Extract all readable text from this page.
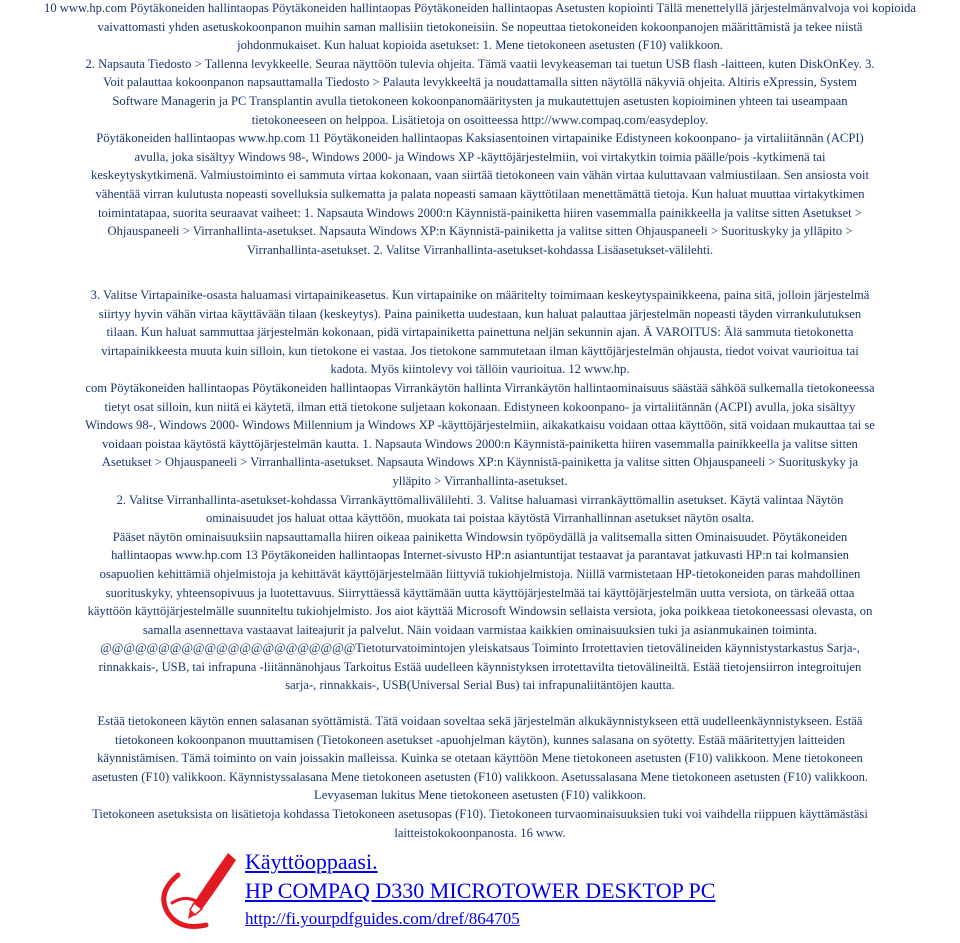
10 www.hp.com Pöytäkoneiden hallintaopas Pöytäkoneiden hallintaopas Pöytäkoneiden hallintaopas Asetusten kopiointi Tällä menettelyllä järjestelmänvalvoja voi kopioida
vaivattomasti yhden asetuskokoonpanon muihin saman mallisiin tietokoneisiin. Se nopeuttaa tietokoneiden kokoonpanojen määrittämistä ja tekee niistä
johdonmukaiset. Kun haluat kopioida asetukset: 1. Mene tietokoneen asetusten (F10) valikkoon.
2. Napsauta Tiedosto > Tallenna levykkeelle. Seuraa näyttöön tulevia ohjeita. Tämä vaatii levykeaseman tai tuetun USB flash -laitteen, kuten DiskOnKey. 3.
Voit palauttaa kokoonpanon napsauttamalla Tiedosto > Palauta levykkeeltä ja noudattamalla sitten näytöllä näkyviä ohjeita. Altiris eXpressin, System
Software Managerin ja PC Transplantin avulla tietokoneen kokoonpanomääritysten ja mukautettujen asetusten kopioiminen yhteen tai useampaan
tietokoneeseen on helppoa. Lisätietoja on osoitteessa http://www.compaq.com/easydeploy.
Pöytäkoneiden hallintaopas www.hp.com 11 Pöytäkoneiden hallintaopas Kaksiasentoinen virtapainike Edistyneen kokoonpano- ja virtaliitännän (ACPI)
avulla, joka sisältyy Windows 98-, Windows 2000- ja Windows XP -käyttöjärjestelmiin, voi virtakytkin toimia päälle/pois -kytkimenä tai
keskeytyskytkimenä. Valmiustoiminto ei sammuta virtaa kokonaan, vaan siirtää tietokoneen vain vähän virtaa kuluttavaan valmiustilaan. Sen ansiosta voit
vähentää virran kulutusta nopeasti sovelluksia sulkematta ja palata nopeasti samaan käyttötilaan menettämättä tietoja. Kun haluat muuttaa virtakytkimen
toimintatapaa, suorita seuraavat vaiheet: 1. Napsauta Windows 2000:n Käynnistä-painiketta hiiren vasemmalla painikkeella ja valitse sitten Asetukset >
Ohjauspaneeli > Virranhallinta-asetukset. Napsauta Windows XP:n Käynnistä-painiketta ja valitse sitten Ohjauspaneeli > Suorituskyky ja ylläpito >
Virranhallinta-asetukset. 2. Valitse Virranhallinta-asetukset-kohdassa Lisäasetukset-välilehti.

3. Valitse Virtapainike-osasta haluamasi virtapainikeasetus. Kun virtapainike on määritelty toimimaan keskeytyspainikkeena, paina sitä, jolloin järjestelmä
siirtyy hyvin vähän virtaa käyttävään tilaan (keskeytys). Paina painiketta uudestaan, kun haluat palauttaa järjestelmän nopeasti täyden virrankulutuksen
tilaan. Kun haluat sammuttaa järjestelmän kokonaan, pidä virtapainiketta painettuna neljän sekunnin ajan. Ä VAROITUS: Älä sammuta tietokonetta
virtapainikkeesta muuta kuin silloin, kun tietokone ei vastaa. Jos tietokone sammutetaan ilman käyttöjärjestelmän ohjausta, tiedot voivat vaurioitua tai
kadota. Myös kiintolevy voi tällöin vaurioitua. 12 www.hp.
com Pöytäkoneiden hallintaopas Pöytäkoneiden hallintaopas Virrankäytön hallinta Virrankäytön hallintaominaisuus säästää sähköä sulkemalla tietokoneessa
tietyt osat silloin, kun niitä ei käytetä, ilman että tietokone suljetaan kokonaan. Edistyneen kokoonpano- ja virtaliitännän (ACPI) avulla, joka sisältyy
Windows 98-, Windows 2000- Windows Millennium ja Windows XP -käyttöjärjestelmiin, aikakatkaisu voidaan ottaa käyttöön, sitä voidaan mukauttaa tai se
voidaan poistaa käytöstä käyttöjärjestelmän kautta. 1. Napsauta Windows 2000:n Käynnistä-painiketta hiiren vasemmalla painikkeella ja valitse sitten
Asetukset > Ohjauspaneeli > Virranhallinta-asetukset. Napsauta Windows XP:n Käynnistä-painiketta ja valitse sitten Ohjauspaneeli > Suorituskyky ja
ylläpito > Virranhallinta-asetukset.
2. Valitse Virranhallinta-asetukset-kohdassa Virrankäyttömallivälilehti. 3. Valitse haluamasi virrankäyttömallin asetukset. Käytä valintaa Näytön
ominaisuudet jos haluat ottaa käyttöön, muokata tai poistaa käytöstä Virranhallinnan asetukset näytön osalta.
Pääset näytön ominaisuuksiin napsauttamalla hiiren oikeaa painiketta Windowsin työpöydällä ja valitsemalla sitten Ominaisuudet. Pöytäkoneiden
hallintaopas www.hp.com 13 Pöytäkoneiden hallintaopas Internet-sivusto HP:n asiantuntijat testaavat ja parantavat jatkuvasti HP:n tai kolmansien
osapuolien kehittämiä ohjelmistoja ja kehittävät käyttöjärjestelmään liittyviä tukiohjelmistoja. Niillä varmistetaan HP-tietokoneiden paras mahdollinen
suorituskyky, yhteensopivuus ja luotettavuus. Siirryttäessä käyttämään uutta käyttöjärjestelmää tai käyttöjärjestelmän uutta versiota, on tärkeää ottaa
käyttöön käyttöjärjestelmälle suunniteltu tukiohjelmisto. Jos aiot käyttää Microsoft Windowsin sellaista versiota, joka poikkeaa tietokoneessasi olevasta, on
samalla asennettava vastaavat laiteajurit ja palvelut. Näin voidaan varmistaa kaikkien ominaisuuksien tuki ja asianmukainen toiminta.
@@@@@@@@@@@@@@@@@@@@@@Tietoturvatoimintojen yleiskatsaus Toiminto Irrotettavien tietovälineiden käynnistystarkastus Sarja-,
rinnakkais-, USB, tai infrapuna -liitännänohjaus Tarkoitus Estää uudelleen käynnistyksen irrotettavilta tietovälineiltä. Estää tietojensiirron integroitujen
sarja-, rinnakkais-, USB(Universal Serial Bus) tai infrapunaliitäntöjen kautta.

Estää tietokoneen käytön ennen salasanan syöttämistä. Tätä voidaan soveltaa sekä järjestelmän alkukäynnistykseen että uudelleenkäynnistykseen. Estää
tietokoneen kokoonpanon muuttamisen (Tietokoneen asetukset -apuohjelman käytön), kunnes salasana on syötetty. Estää määritettyjen laitteiden
käynnistämisen. Tämä toiminto on vain joissakin malleissa. Kuinka se otetaan käyttöön Mene tietokoneen asetusten (F10) valikkoon. Mene tietokoneen
asetusten (F10) valikkoon. Käynnistyssalasana Mene tietokoneen asetusten (F10) valikkoon. Asetussalasana Mene tietokoneen asetusten (F10) valikkoon.
Levyaseman lukitus Mene tietokoneen asetusten (F10) valikkoon.
Tietokoneen asetuksista on lisätietoja kohdassa Tietokoneen asetusopas (F10). Tietokoneen turvaominaisuuksien tuki voi vaihdella riippuen käyttämästäsi
laitteistokokoonpanosta. 16 www.

Käyttöoppaasi.
HP COMPAQ D330 MICROTOWER DESKTOP PC
http://fi.yourpdfguides.com/dref/864705
